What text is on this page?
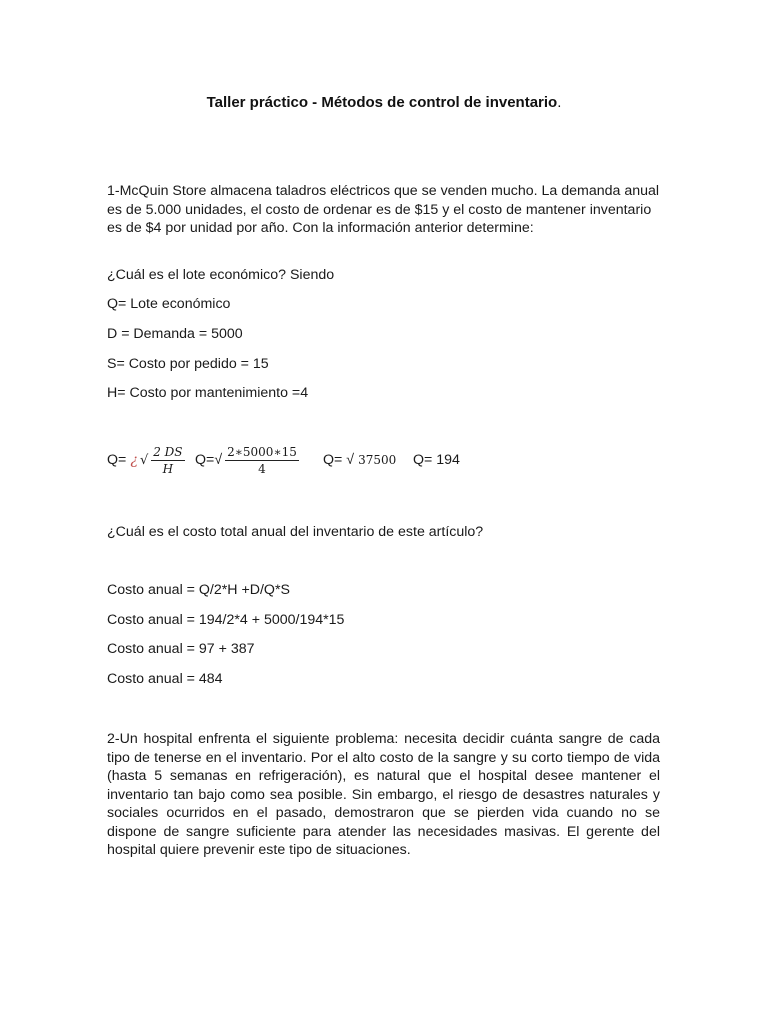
Taller práctico - Métodos de control de inventario.
1-McQuin Store almacena taladros eléctricos que se venden mucho. La demanda anual es de 5.000 unidades, el costo de ordenar es de $15 y el costo de mantener inventario es de $4 por unidad por año. Con la información anterior determine:
¿Cuál es el lote económico? Siendo
Q= Lote económico
D = Demanda = 5000
S= Costo por pedido = 15
H= Costo por mantenimiento =4
Q= ¿ √ $\frac{2 DS}{H} Q=√ \frac{2∗5000∗15}{4} Q=$ √ 37500 Q= 194
¿Cuál es el costo total anual del inventario de este artículo?
Costo anual = Q/2*H +D/Q*S
Costo anual = 194/2*4 + 5000/194*15
Costo anual = 97 + 387
Costo anual = 484
2-Un hospital enfrenta el siguiente problema: necesita decidir cuánta sangre de cada tipo de tenerse en el inventario. Por el alto costo de la sangre y su corto tiempo de vida (hasta 5 semanas en refrigeración), es natural que el hospital desee mantener el inventario tan bajo como sea posible. Sin embargo, el riesgo de desastres naturales y sociales ocurridos en el pasado, demostraron que se pierden vida cuando no se dispone de sangre suficiente para atender las necesidades masivas. El gerente del hospital quiere prevenir este tipo de situaciones.
